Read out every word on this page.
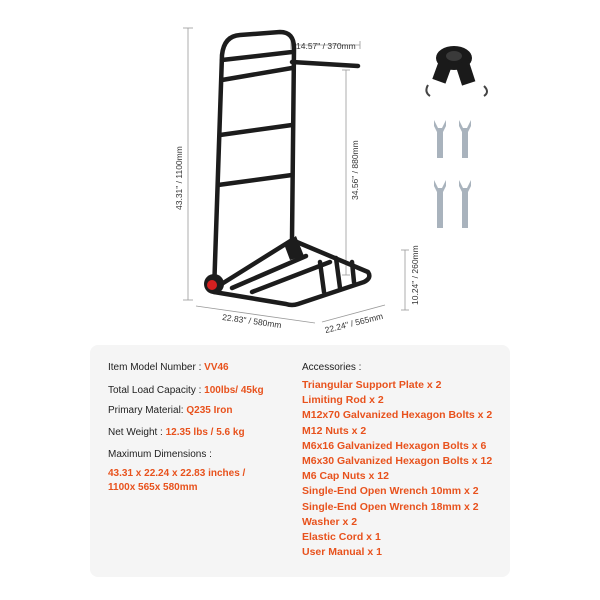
14.57" / 370mm
43.31" / 1100mm	34.56" / 880mm
10.24" / 260mm
22.83" / 580mm	22.24" / 565mm
Item Model Number : VV46
Total Load Capacity : 100lbs/ 45kg
Primary Material: Q235 Iron
Net Weight : 12.35 lbs / 5.6 kg
Maximum Dimensions :
43.31 x 22.24 x 22.83 inches /
1100x 565x 580mm
Accessories :
Triangular Support Plate x 2
Limiting Rod x 2
M12x70 Galvanized Hexagon Bolts x 2
M12 Nuts x 2
M6x16 Galvanized Hexagon Bolts x 6
M6x30 Galvanized Hexagon Bolts x 12
M6 Cap Nuts x 12
Single-End Open Wrench 10mm x 2
Single-End Open Wrench 18mm x 2
Washer x 2
Elastic Cord x 1
User Manual x 1
